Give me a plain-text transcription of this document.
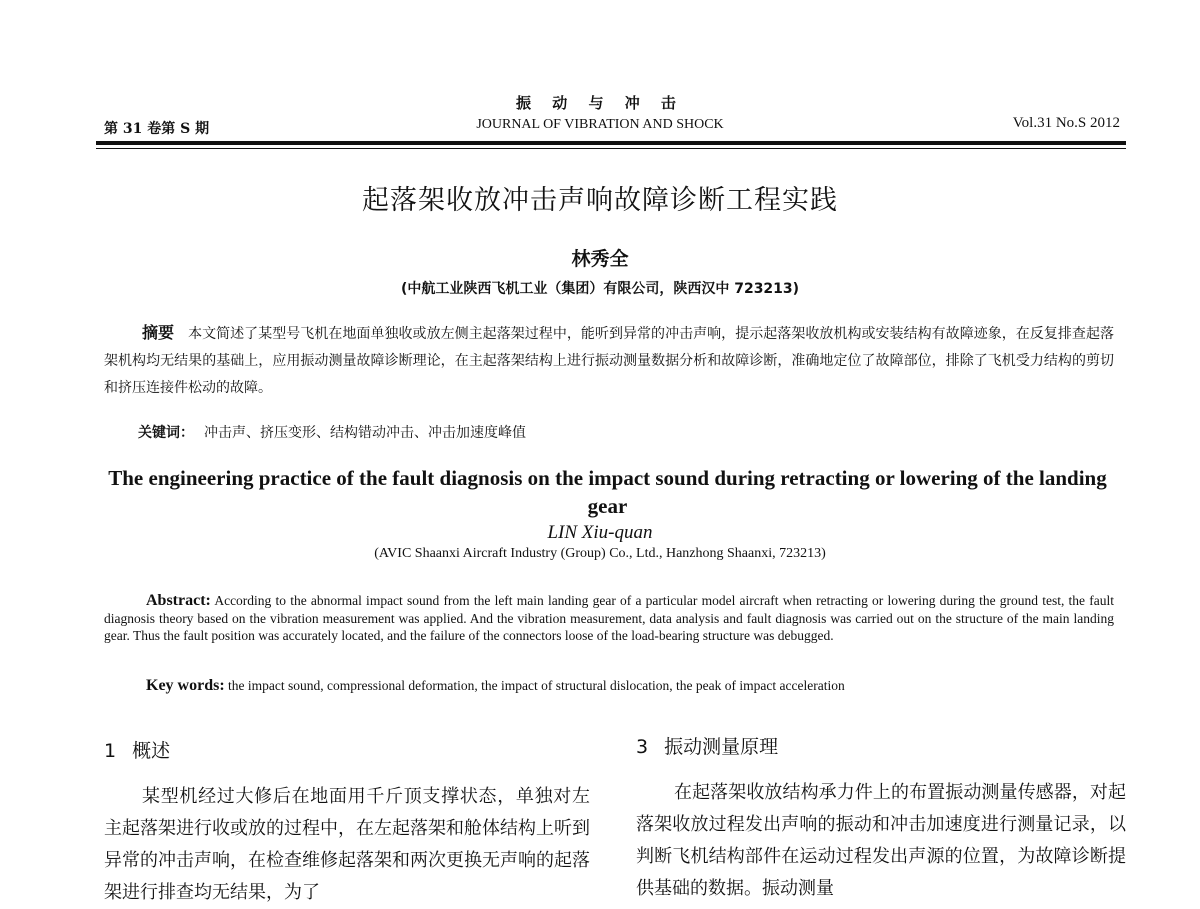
振 动 与 冲 击
第 31 卷第 S 期	JOURNAL OF VIBRATION AND SHOCK	Vol.31 No.S 2012
起落架收放冲击声响故障诊断工程实践
林秀全
(中航工业陕西飞机工业（集团）有限公司，陕西汉中 723213)
摘要 本文简述了某型号飞机在地面单独收或放左侧主起落架过程中，能听到异常的冲击声响，提示起落架收放机构或安装结构有故障迹象，在反复排查起落架机构均无结果的基础上，应用振动测量故障诊断理论，在主起落架结构上进行振动测量数据分析和故障诊断，准确地定位了故障部位，排除了飞机受力结构的剪切和挤压连接件松动的故障。
关键词： 冲击声、挤压变形、结构错动冲击、冲击加速度峰值
The engineering practice of the fault diagnosis on the impact sound during retracting or lowering of the landing gear
LIN Xiu-quan
(AVIC Shaanxi Aircraft Industry (Group) Co., Ltd., Hanzhong Shaanxi, 723213)
Abstract: According to the abnormal impact sound from the left main landing gear of a particular model aircraft when retracting or lowering during the ground test, the fault diagnosis theory based on the vibration measurement was applied. And the vibration measurement, data analysis and fault diagnosis was carried out on the structure of the main landing gear. Thus the fault position was accurately located, and the failure of the connectors loose of the load-bearing structure was debugged.
Key words: the impact sound, compressional deformation, the impact of structural dislocation, the peak of impact acceleration
1 概述
某型机经过大修后在地面用千斤顶支撑状态，单独对左主起落架进行收或放的过程中，在左起落架和舱体结构上听到异常的冲击声响，在检查维修起落架和两次更换无声响的起落架进行排查均无结果，为了
3 振动测量原理
在起落架收放结构承力件上的布置振动测量传感器，对起落架收放过程发出声响的振动和冲击加速度进行测量记录，以判断飞机结构部件在运动过程发出声源的位置，为故障诊断提供基础的数据。振动测量
